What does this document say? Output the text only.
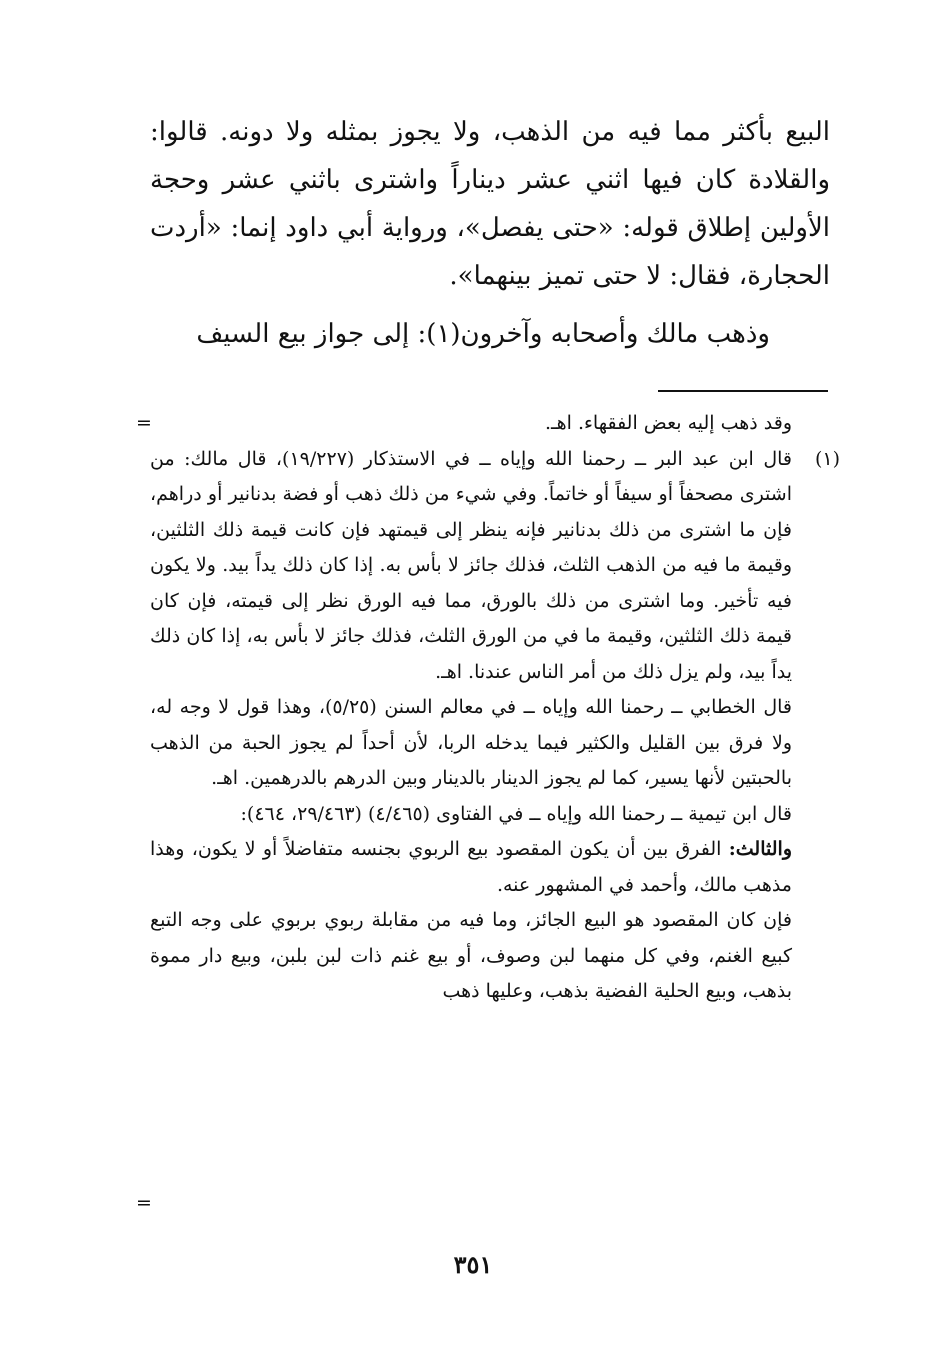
البيع بأكثر مما فيه من الذهب، ولا يجوز بمثله ولا دونه. قالوا: والقلادة كان فيها اثني عشر ديناراً واشترى باثني عشر وحجة الأولين إطلاق قوله: «حتى يفصل»، ورواية أبي داود إنما: «أردت الحجارة، فقال: لا حتى تميز بينهما».

وذهب مالك وأصحابه وآخرون(١): إلى جواز بيع السيف

=	وقد ذهب إليه بعض الفقهاء. اهـ.
(١)
قال ابن عبد البر ــ رحمنا الله وإياه ــ في الاستذكار (١٩/٢٢٧)، قال مالك: من اشترى مصحفاً أو سيفاً أو خاتماً. وفي شيء من ذلك ذهب أو فضة بدنانير أو دراهم، فإن ما اشترى من ذلك بدنانير فإنه ينظر إلى قيمتهد فإن كانت قيمة ذلك الثلثين، وقيمة ما فيه من الذهب الثلث، فذلك جائز لا بأس به. إذا كان ذلك يداً بيد. ولا يكون فيه تأخير. وما اشترى من ذلك بالورق، مما فيه الورق نظر إلى قيمته، فإن كان قيمة ذلك الثلثين، وقيمة ما في من الورق الثلث، فذلك جائز لا بأس به، إذا كان ذلك يداً بيد، ولم يزل ذلك من أمر الناس عندنا. اهـ.
قال الخطابي ــ رحمنا الله وإياه ــ في معالم السنن (٥/٢٥)، وهذا قول لا وجه له، ولا فرق بين القليل والكثير فيما يدخله الربا، لأن أحداً لم يجوز الحبة من الذهب بالحبتين لأنها يسير، كما لم يجوز الدينار بالدينار وبين الدرهم بالدرهمين. اهـ.
قال ابن تيمية ــ رحمنا الله وإياه ــ في الفتاوى (٤/٤٦٥) (٢٩/٤٦٣، ٤٦٤):
والثالث: الفرق بين أن يكون المقصود بيع الربوي بجنسه متفاضلاً أو لا يكون، وهذا مذهب مالك، وأحمد في المشهور عنه.
فإن كان المقصود هو البيع الجائز، وما فيه من مقابلة ربوي بربوي على وجه التبع كبيع الغنم، وفي كل منهما لبن وصوف، أو بيع غنم ذات لبن بلبن، وبيع دار مموة بذهب، وبيع الحلية الفضية بذهب، وعليها ذهب
=
٣٥١
